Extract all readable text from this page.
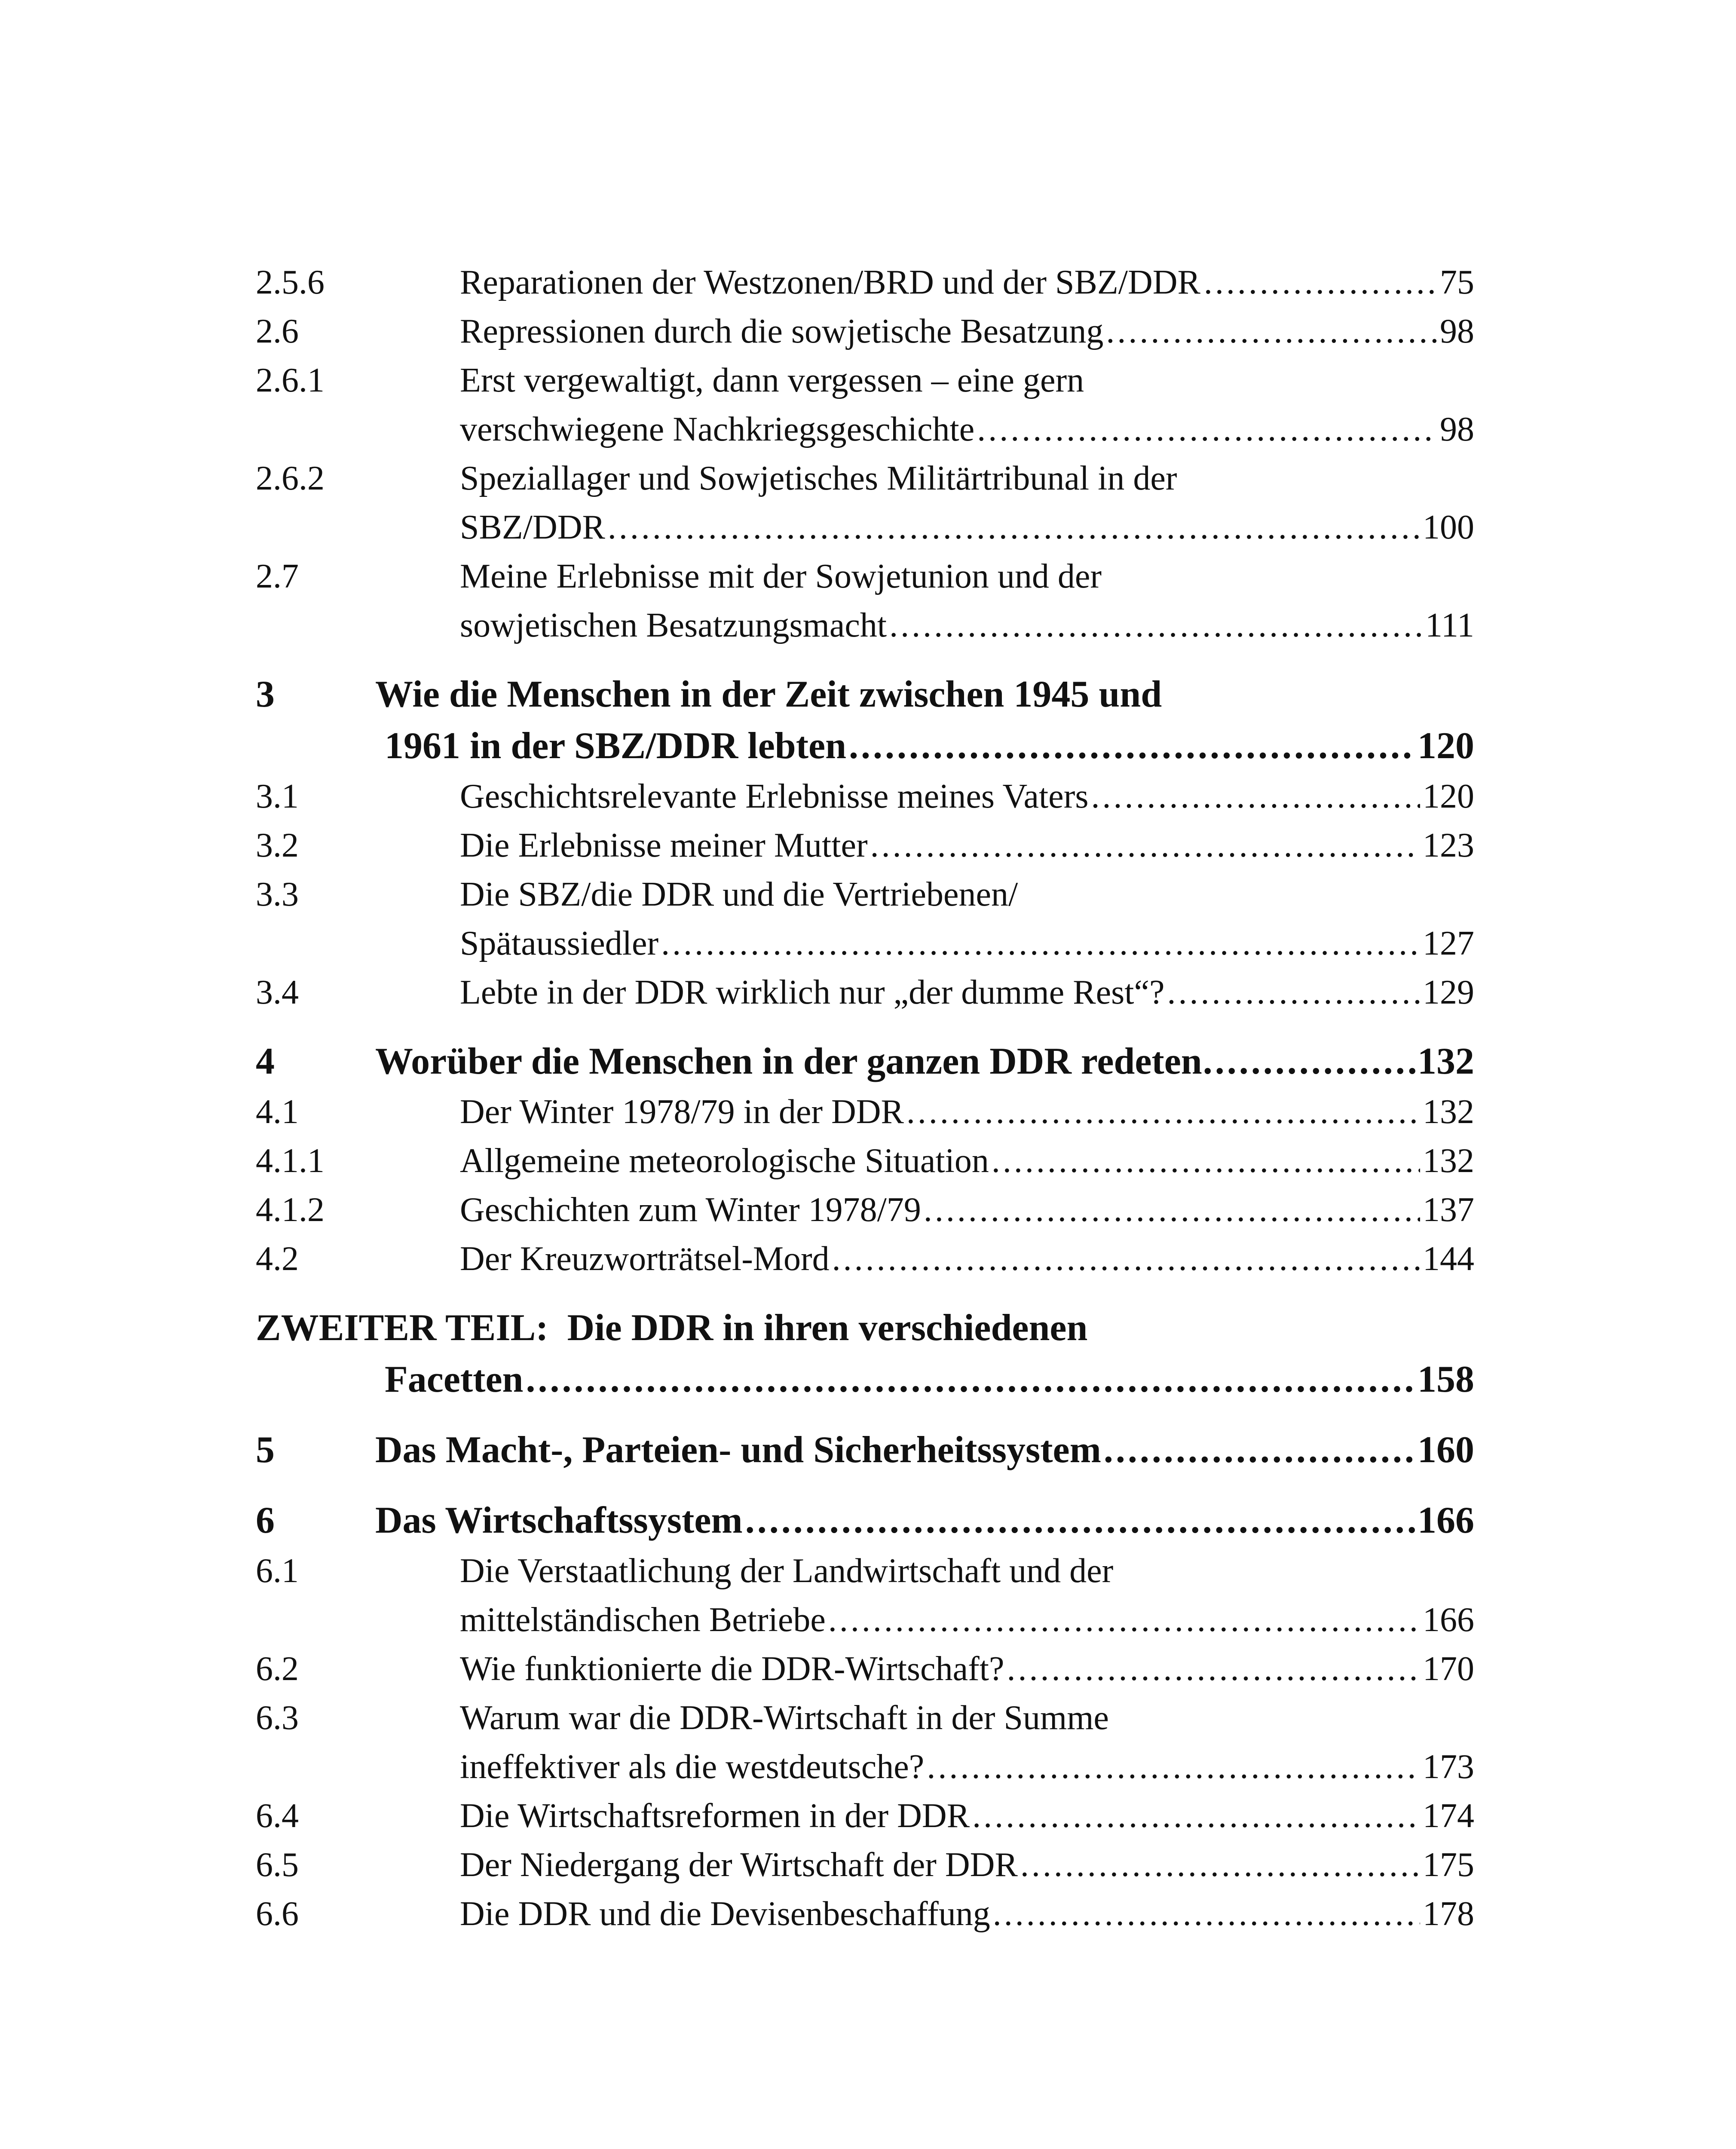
2.5.6	Reparationen der Westzonen/BRD und der SBZ/DDR .....	75
2.6	Repressionen durch die sowjetische Besatzung .....	98
2.6.1	Erst vergewaltigt, dann vergessen – eine gern
verschwiegene Nachkriegsgeschichte .....	98
2.6.2	Speziallager und Sowjetisches Militärtribunal in der
SBZ/DDR .....	100
2.7	Meine Erlebnisse mit der Sowjetunion und der
sowjetischen Besatzungsmacht .....	111
3	Wie die Menschen in der Zeit zwischen 1945 und
1961 in der SBZ/DDR lebten .....	120
3.1	Geschichtsrelevante Erlebnisse meines Vaters .....	120
3.2	Die Erlebnisse meiner Mutter .....	123
3.3	Die SBZ/die DDR und die Vertriebenen/
Spätaussiedler .....	127
3.4	Lebte in der DDR wirklich nur „der dumme Rest“? .....	129
4	Worüber die Menschen in der ganzen DDR redeten .....	132
4.1	Der Winter 1978/79 in der DDR .....	132
4.1.1	Allgemeine meteorologische Situation .....	132
4.1.2	Geschichten zum Winter 1978/79 .....	137
4.2	Der Kreuzworträtsel-Mord .....	144
ZWEITER TEIL:  Die DDR in ihren verschiedenen
Facetten .....	158
5	Das Macht-, Parteien- und Sicherheitssystem .....	160
6	Das Wirtschaftssystem .....	166
6.1	Die Verstaatlichung der Landwirtschaft und der
mittelständischen Betriebe .....	166
6.2	Wie funktionierte die DDR-Wirtschaft? .....	170
6.3	Warum war die DDR-Wirtschaft in der Summe
ineffektiver als die westdeutsche? .....	173
6.4	Die Wirtschaftsreformen in der DDR .....	174
6.5	Der Niedergang der Wirtschaft der DDR .....	175
6.6	Die DDR und die Devisenbeschaffung .....	178
